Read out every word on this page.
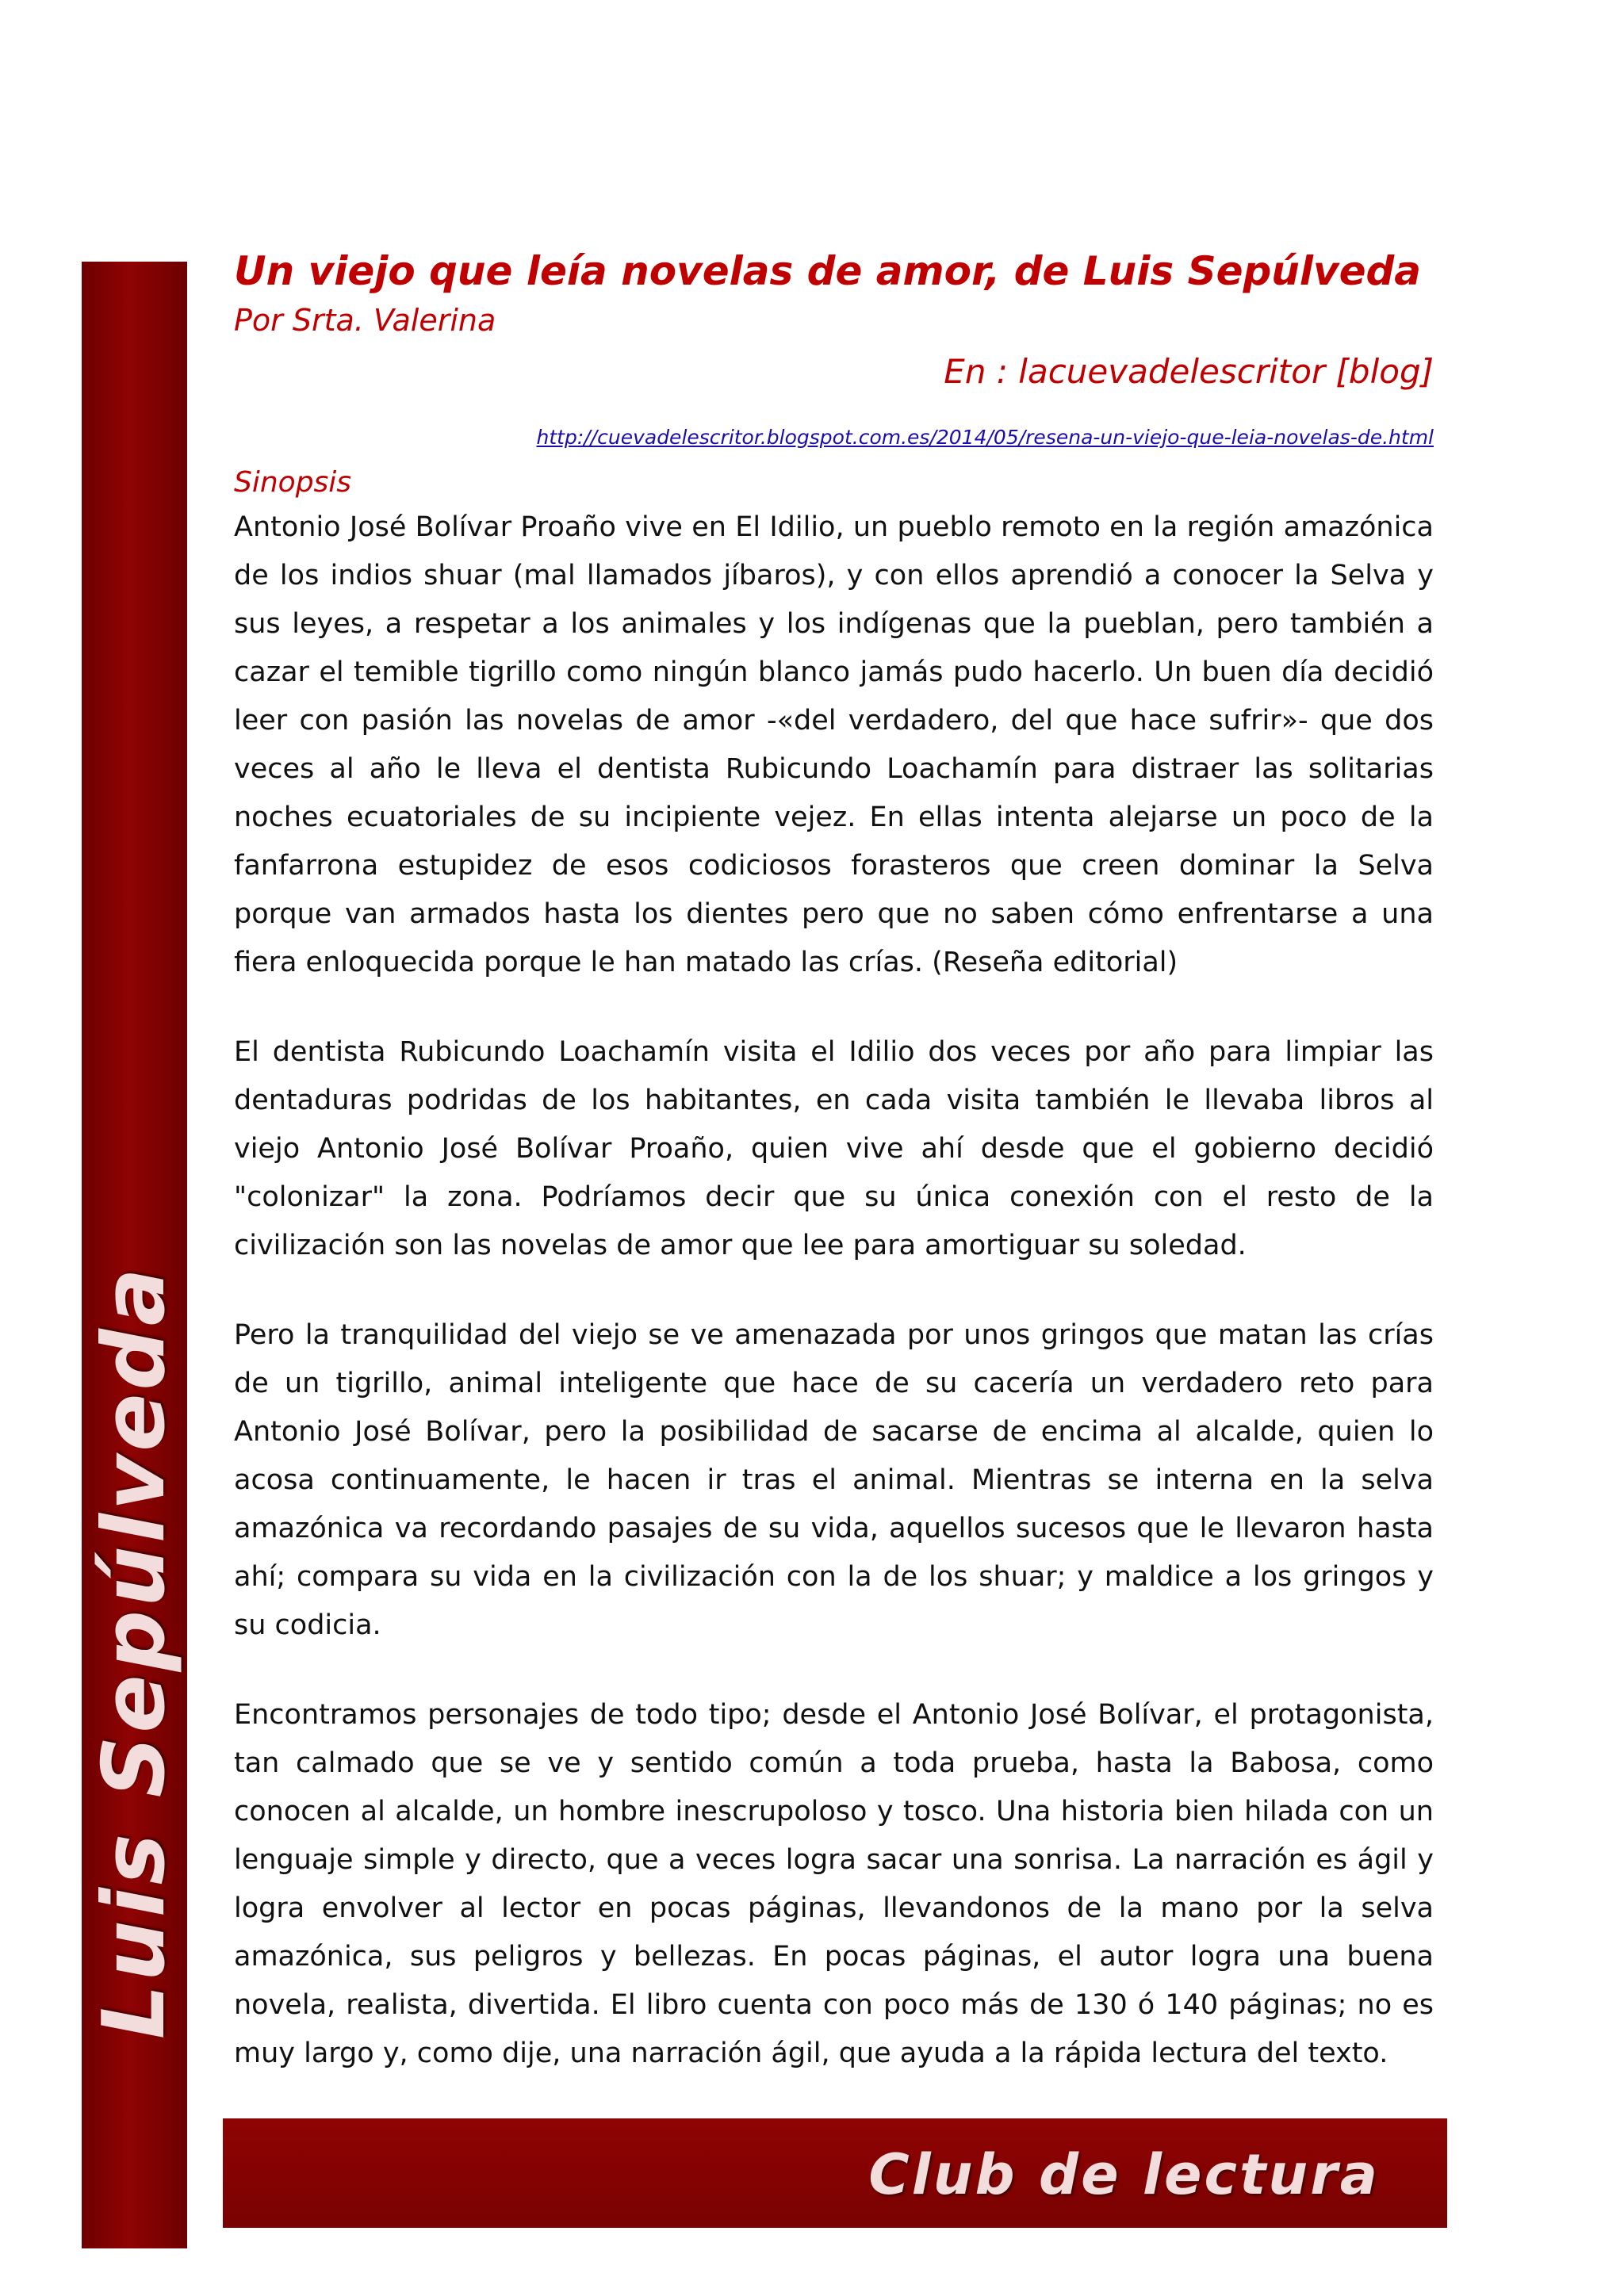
Luis Sepúlveda
Un viejo que leía novelas de amor, de Luis Sepúlveda
Por Srta. Valerina
En : lacuevadelescritor [blog]
http://cuevadelescritor.blogspot.com.es/2014/05/resena-un-viejo-que-leia-novelas-de.html
Sinopsis

Antonio José Bolívar Proaño vive en El Idilio, un pueblo remoto en la región amazónica de los indios shuar (mal llamados jíbaros), y con ellos aprendió a conocer la Selva y sus leyes, a respetar a los animales y los indígenas que la pueblan, pero también a cazar el temible tigrillo como ningún blanco jamás pudo hacerlo. Un buen día decidió leer con pasión las novelas de amor -«del verdadero, del que hace sufrir»- que dos veces al año le lleva el dentista Rubicundo Loachamín para distraer las solitarias noches ecuatoriales de su incipiente vejez. En ellas intenta alejarse un poco de la fanfarrona estupidez de esos codiciosos forasteros que creen dominar la Selva porque van armados hasta los dientes pero que no saben cómo enfrentarse a una fiera enloquecida porque le han matado las crías. (Reseña editorial)

El dentista Rubicundo Loachamín visita el Idilio dos veces por año para limpiar las dentaduras podridas de los habitantes, en cada visita también le llevaba libros al viejo Antonio José Bolívar Proaño, quien vive ahí desde que el gobierno decidió "colonizar" la zona. Podríamos decir que su única conexión con el resto de la civilización son las novelas de amor que lee para amortiguar su soledad.

Pero la tranquilidad del viejo se ve amenazada por unos gringos que matan las crías de un tigrillo, animal inteligente que hace de su cacería un verdadero reto para Antonio José Bolívar, pero la posibilidad de sacarse de encima al alcalde, quien lo acosa continuamente, le hacen ir tras el animal. Mientras se interna en la selva amazónica va recordando pasajes de su vida, aquellos sucesos que le llevaron hasta ahí; compara su vida en la civilización con la de los shuar; y maldice a los gringos y su codicia.

Encontramos personajes de todo tipo; desde el Antonio José Bolívar, el protagonista, tan calmado que se ve y sentido común a toda prueba, hasta la Babosa, como conocen al alcalde, un hombre inescrupoloso y tosco. Una historia bien hilada con un lenguaje simple y directo, que a veces logra sacar una sonrisa. La narración es ágil y logra envolver al lector en pocas páginas, llevandonos de la mano por la selva amazónica, sus peligros y bellezas. En pocas páginas, el autor logra una buena novela, realista, divertida. El libro cuenta con poco más de 130 ó 140 páginas; no es muy largo y, como dije, una narración ágil, que ayuda a la rápida lectura del texto.

Club de lectura
